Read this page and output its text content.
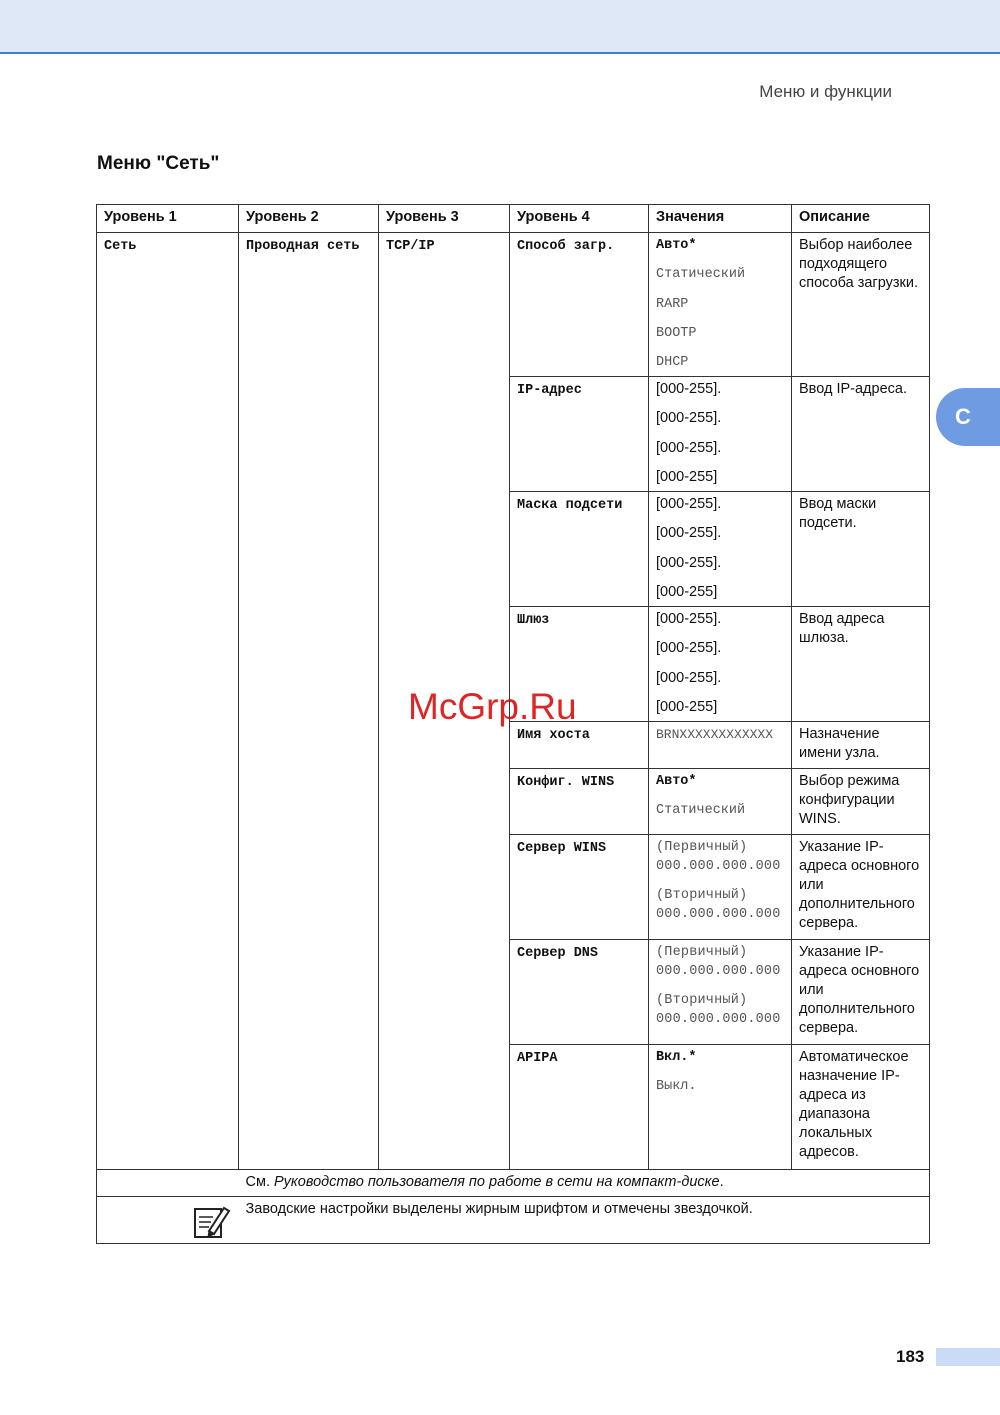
Меню и функции
Меню "Сеть"
C
Уровень 1	Уровень 2	Уровень 3	Уровень 4	Значения	Описание
Сеть	Проводная сеть	TCP/IP	Способ загр.	Авто*
Статический
RARP
BOOTP
DHCP	Выбор наиболее подходящего способа загрузки.
			IP-адрес	[000-255].
[000-255].
[000-255].
[000-255]	Ввод IP-адреса.
			Маска подсети	[000-255].
[000-255].
[000-255].
[000-255]	Ввод маски подсети.
			Шлюз	[000-255].
[000-255].
[000-255].
[000-255]	Ввод адреса шлюза.
			Имя хоста	BRNXXXXXXXXXXXX	Назначение имени узла.
			Конфиг. WINS	Авто*
Статический	Выбор режима конфигурации WINS.
			Сервер WINS	(Первичный)
000.000.000.000
(Вторичный)
000.000.000.000	Указание IP-адреса основного или дополнительного сервера.
			Сервер DNS	(Первичный)
000.000.000.000
(Вторичный)
000.000.000.000	Указание IP-адреса основного или дополнительного сервера.
			APIPA	Вкл.*
Выкл.	Автоматическое назначение IP-адреса из диапазона локальных адресов.
	См. Руководство пользователя по работе в сети на компакт-диске.				

	Заводские настройки выделены жирным шрифтом и отмечены звездочкой.				
McGrp.Ru
183
